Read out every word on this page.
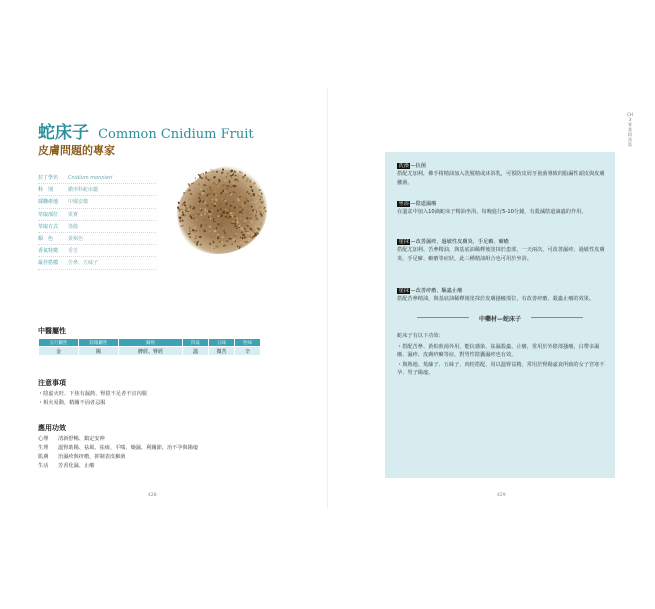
蛇床子 Common Cnidium Fruit
皮膚問題的專家
拉丁學名	Cnidium monnieri
科　別	繖形科蛇床屬
採購產地	中國安徽
萃取部位	果實
萃取方式	蒸餾
顏　色	黃褐色
香氣特徵	香苦
最佳搭檔	苦參、五味子
中醫屬性
五行屬性	陰陽屬性	歸經	四氣	五味	性味
金	陽	脾經、腎經	溫	微苦	辛
注意事項
・陰虛火旺、下焦有濕熱、腎陰不足者不宜內服
・相火易動，精關不固者忌服
應用功效
心理	清新舒暢、鎮定安神
生理	溫腎助陽、祛風、祛痰、平喘、燥濕、利關節，治不孕與陽痿
肌膚	治濕疹與疥瘡，抑制表皮癬菌
生活	芳香化濕、止癢
428
CH3
專
業
精
油
篇
洗澡 —抗菌
搭配尤加利，佛手柑精油加入洗髮精或沐浴乳，可預防皮屑牙孢菌導致的脂漏性頭皮與皮膚黴菌。
坐浴 —陰道濕癢
在溫盆中加入10滴蛇床子精油坐浴，每晚進行5-10分鐘，有殺滅陰道滴蟲的作用。
塗抹 —改善濕疹、過敏性皮膚炎、手足癬、癬瘡
搭配尤加利、苦參精油，與基底油稀釋後塗抹於患部，一天兩次，可改善濕疹、過敏性皮膚炎、手足癬、癬瘡等症狀，此三種精油組合也可用於坐浴。
塗抹 —改善疥瘡、驅蟲止癢
搭配苦參精油，與基底油稀釋後塗抹於皮膚搔癢部位，有改善疥瘡、殺蟲止癢的效果。
中藥材—蛇床子
蛇床子有以下功效：
・搭配苦參、黃柏煎湯外用，能抗感染、祛濕殺蟲、止癢，常用於外陰部搔癢，白帶多濕癢、濕疹、皮膚疥癬等症，對男性陰囊濕疹也有效。
・與熟地、菟絲子、五味子、肉桂搭配，用以溫腎益精，常用於腎陽虛衰所致的女子宮寒不孕、男子陽痿。
429
